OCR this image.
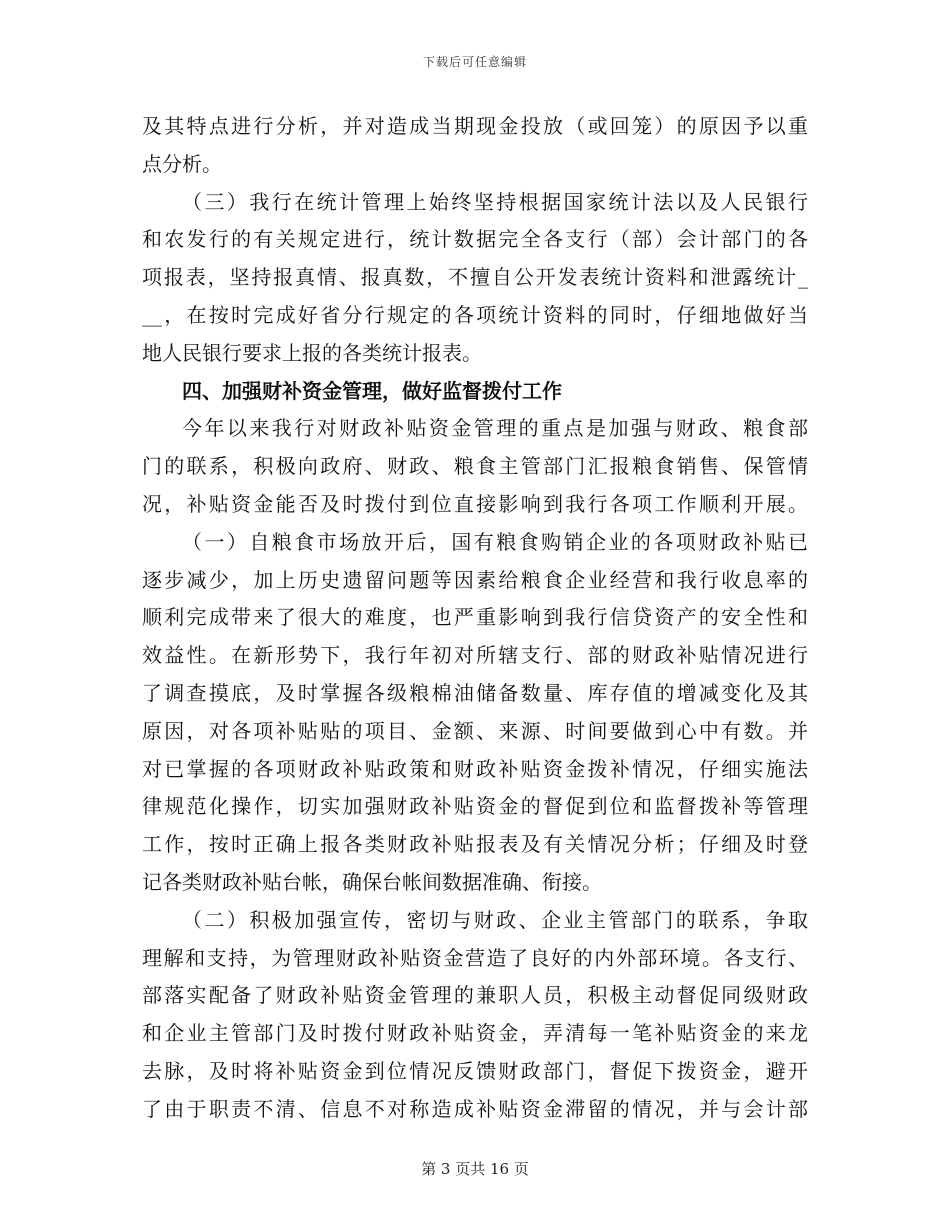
下载后可任意编辑
及其特点进行分析，并对造成当期现金投放（或回笼）的原因予以重
点分析。
（三）我行在统计管理上始终坚持根据国家统计法以及人民银行
和农发行的有关规定进行，统计数据完全各支行（部）会计部门的各
项报表，坚持报真情、报真数，不擅自公开发表统计资料和泄露统计_
__，在按时完成好省分行规定的各项统计资料的同时，仔细地做好当
地人民银行要求上报的各类统计报表。
四、加强财补资金管理，做好监督拨付工作
今年以来我行对财政补贴资金管理的重点是加强与财政、粮食部
门的联系，积极向政府、财政、粮食主管部门汇报粮食销售、保管情
况，补贴资金能否及时拨付到位直接影响到我行各项工作顺利开展。
（一）自粮食市场放开后，国有粮食购销企业的各项财政补贴已
逐步减少，加上历史遗留问题等因素给粮食企业经营和我行收息率的
顺利完成带来了很大的难度，也严重影响到我行信贷资产的安全性和
效益性。在新形势下，我行年初对所辖支行、部的财政补贴情况进行
了调查摸底，及时掌握各级粮棉油储备数量、库存值的增减变化及其
原因，对各项补贴贴的项目、金额、来源、时间要做到心中有数。并
对已掌握的各项财政补贴政策和财政补贴资金拨补情况，仔细实施法
律规范化操作，切实加强财政补贴资金的督促到位和监督拨补等管理
工作，按时正确上报各类财政补贴报表及有关情况分析；仔细及时登
记各类财政补贴台帐，确保台帐间数据准确、衔接。
（二）积极加强宣传，密切与财政、企业主管部门的联系，争取
理解和支持，为管理财政补贴资金营造了良好的内外部环境。各支行、
部落实配备了财政补贴资金管理的兼职人员，积极主动督促同级财政
和企业主管部门及时拨付财政补贴资金，弄清每一笔补贴资金的来龙
去脉，及时将补贴资金到位情况反馈财政部门，督促下拨资金，避开
了由于职责不清、信息不对称造成补贴资金滞留的情况，并与会计部
第 3 页共 16 页
